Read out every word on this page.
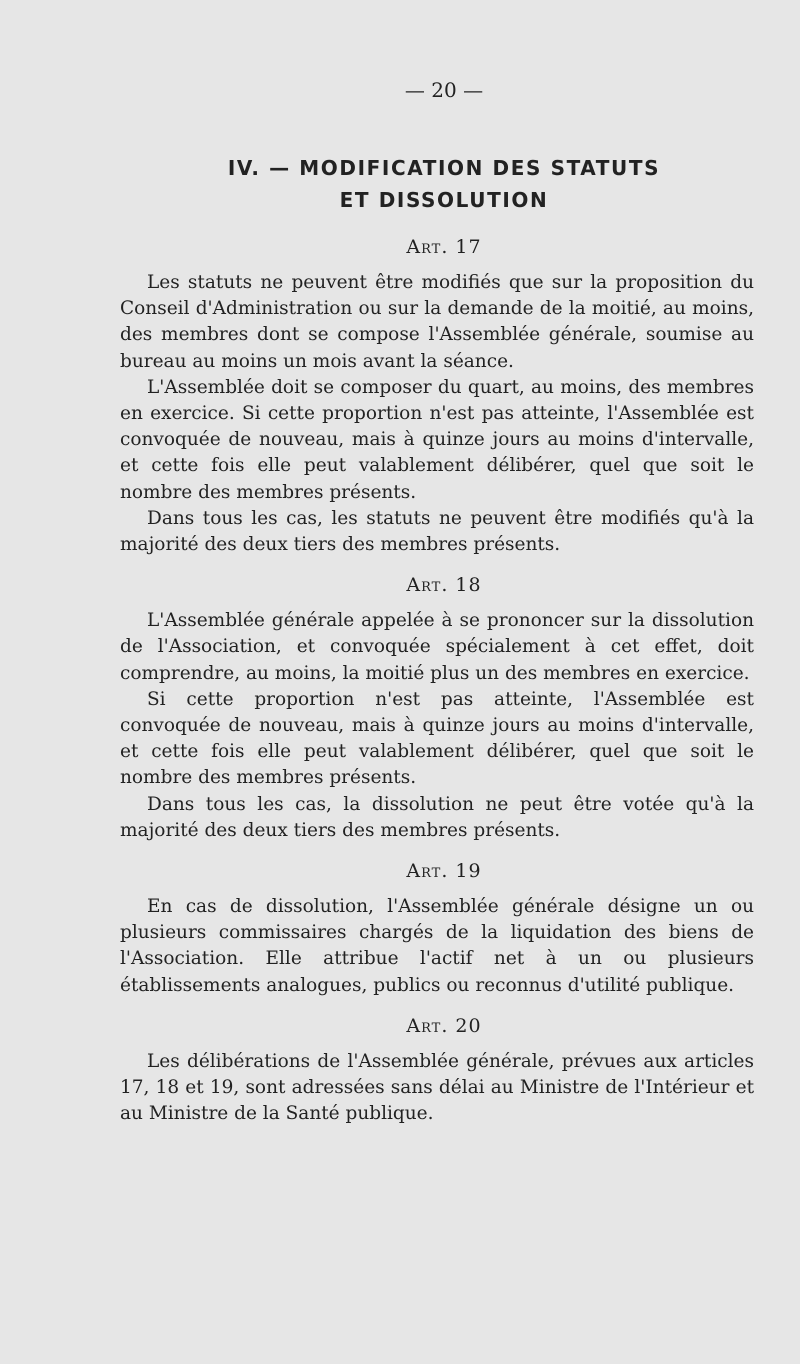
— 20 —
IV. — MODIFICATION DES STATUTS
ET DISSOLUTION
Art. 17

Les statuts ne peuvent être modifiés que sur la proposition du Conseil d'Administration ou sur la demande de la moitié, au moins, des membres dont se compose l'Assemblée générale, soumise au bureau au moins un mois avant la séance.

L'Assemblée doit se composer du quart, au moins, des membres en exercice. Si cette proportion n'est pas atteinte, l'Assemblée est convoquée de nouveau, mais à quinze jours au moins d'intervalle, et cette fois elle peut valablement délibérer, quel que soit le nombre des membres présents.

Dans tous les cas, les statuts ne peuvent être modifiés qu'à la majorité des deux tiers des membres présents.

Art. 18

L'Assemblée générale appelée à se prononcer sur la dissolution de l'Association, et convoquée spécialement à cet effet, doit comprendre, au moins, la moitié plus un des membres en exercice.

Si cette proportion n'est pas atteinte, l'Assemblée est convoquée de nouveau, mais à quinze jours au moins d'intervalle, et cette fois elle peut valablement délibérer, quel que soit le nombre des membres présents.

Dans tous les cas, la dissolution ne peut être votée qu'à la majorité des deux tiers des membres présents.

Art. 19

En cas de dissolution, l'Assemblée générale désigne un ou plusieurs commissaires chargés de la liquidation des biens de l'Association. Elle attribue l'actif net à un ou plusieurs établissements analogues, publics ou reconnus d'utilité publique.

Art. 20

Les délibérations de l'Assemblée générale, prévues aux articles 17, 18 et 19, sont adressées sans délai au Ministre de l'Intérieur et au Ministre de la Santé publique.
